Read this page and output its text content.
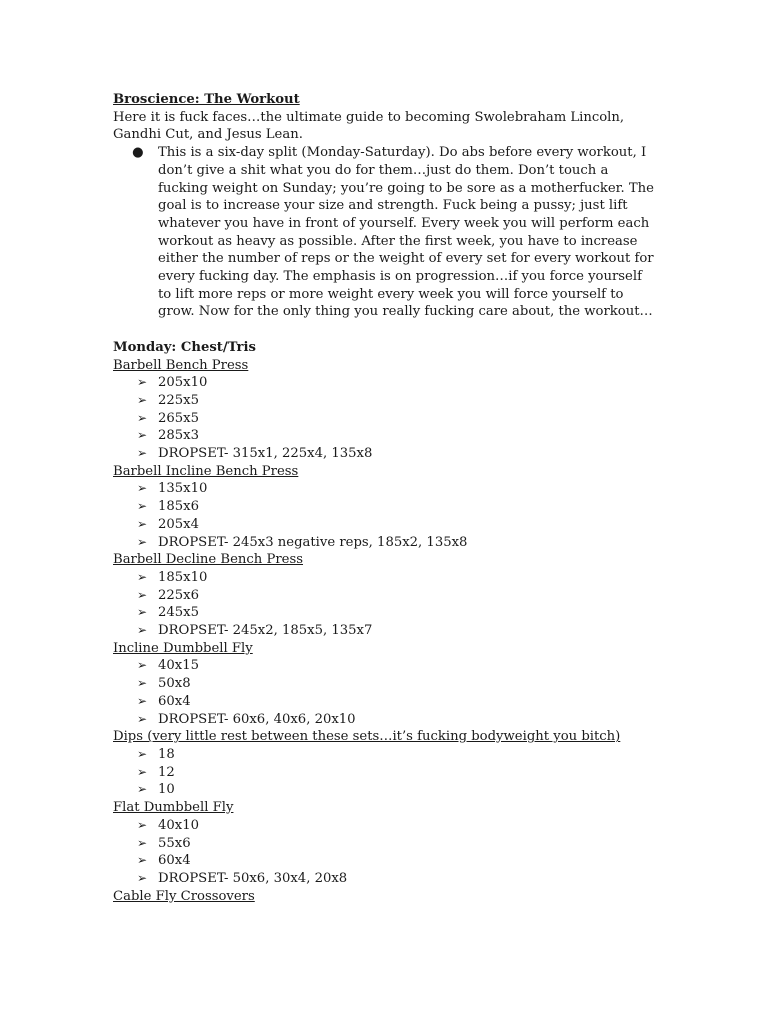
Broscience: The Workout
Here it is fuck faces…the ultimate guide to becoming Swolebraham Lincoln, Gandhi Cut, and Jesus Lean.
● This is a six-day split (Monday-Saturday). Do abs before every workout, I don’t give a shit what you do for them…just do them. Don’t touch a fucking weight on Sunday; you’re going to be sore as a motherfucker. The goal is to increase your size and strength. Fuck being a pussy; just lift whatever you have in front of yourself. Every week you will perform each workout as heavy as possible. After the first week, you have to increase either the number of reps or the weight of every set for every workout for every fucking day. The emphasis is on progression…if you force yourself to lift more reps or more weight every week you will force yourself to grow. Now for the only thing you really fucking care about, the workout…
Monday: Chest/Tris
Barbell Bench Press
➢ 205x10
➢ 225x5
➢ 265x5
➢ 285x3
➢ DROPSET- 315x1, 225x4, 135x8
Barbell Incline Bench Press
➢ 135x10
➢ 185x6
➢ 205x4
➢ DROPSET- 245x3 negative reps, 185x2, 135x8
Barbell Decline Bench Press
➢ 185x10
➢ 225x6
➢ 245x5
➢ DROPSET- 245x2, 185x5, 135x7
Incline Dumbbell Fly
➢ 40x15
➢ 50x8
➢ 60x4
➢ DROPSET- 60x6, 40x6, 20x10
Dips (very little rest between these sets…it’s fucking bodyweight you bitch)
➢ 18
➢ 12
➢ 10
Flat Dumbbell Fly
➢ 40x10
➢ 55x6
➢ 60x4
➢ DROPSET- 50x6, 30x4, 20x8
Cable Fly Crossovers
